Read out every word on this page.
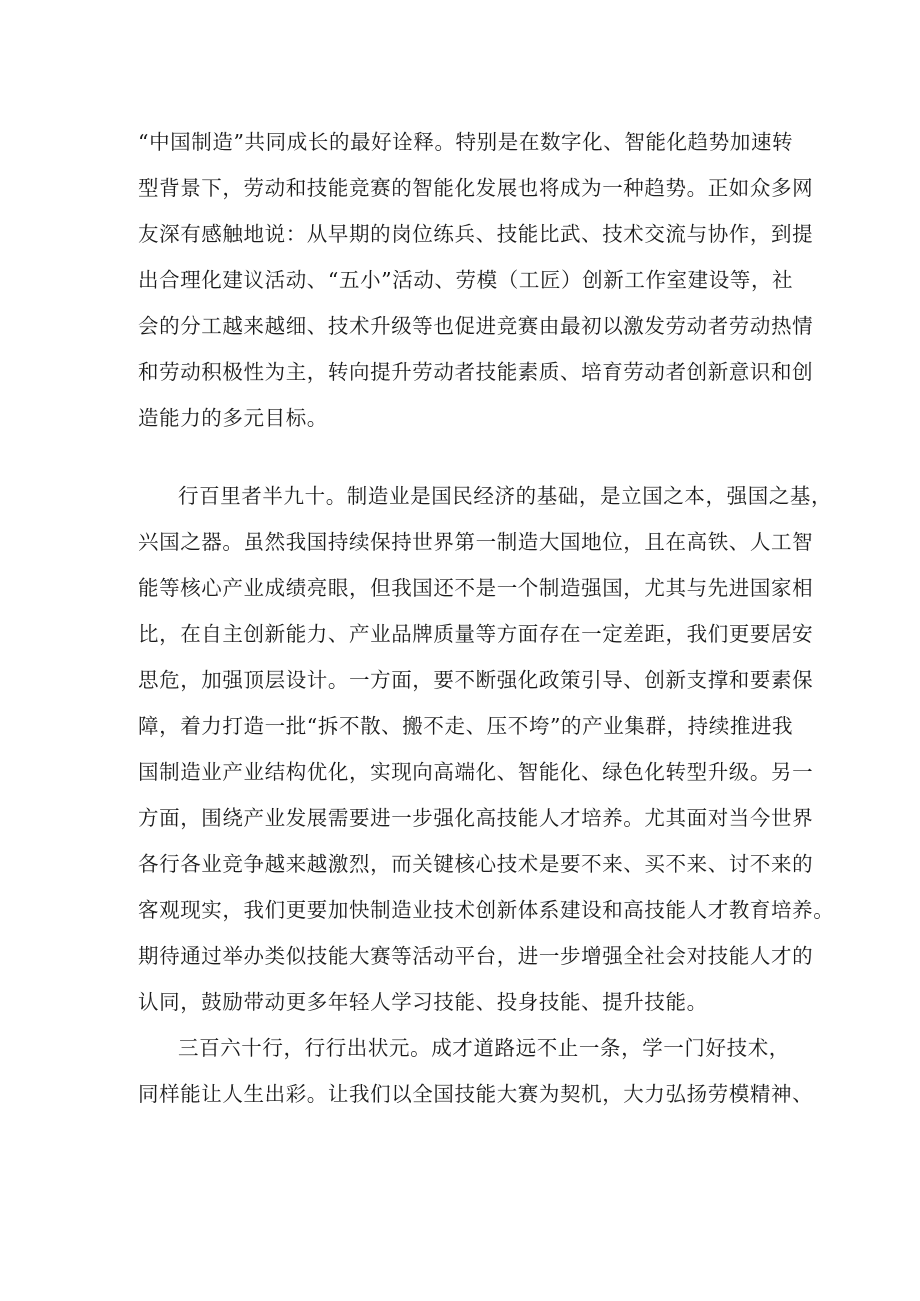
“中国制造”共同成长的最好诠释。特别是在数字化、智能化趋势加速转
型背景下，劳动和技能竞赛的智能化发展也将成为一种趋势。正如众多网
友深有感触地说：从早期的岗位练兵、技能比武、技术交流与协作，到提
出合理化建议活动、“五小”活动、劳模（工匠）创新工作室建设等，社
会的分工越来越细、技术升级等也促进竞赛由最初以激发劳动者劳动热情
和劳动积极性为主，转向提升劳动者技能素质、培育劳动者创新意识和创
造能力的多元目标。
行百里者半九十。制造业是国民经济的基础，是立国之本，强国之基，
兴国之器。虽然我国持续保持世界第一制造大国地位，且在高铁、人工智
能等核心产业成绩亮眼，但我国还不是一个制造强国，尤其与先进国家相
比，在自主创新能力、产业品牌质量等方面存在一定差距，我们更要居安
思危，加强顶层设计。一方面，要不断强化政策引导、创新支撑和要素保
障，着力打造一批“拆不散、搬不走、压不垮”的产业集群，持续推进我
国制造业产业结构优化，实现向高端化、智能化、绿色化转型升级。另一
方面，围绕产业发展需要进一步强化高技能人才培养。尤其面对当今世界
各行各业竞争越来越激烈，而关键核心技术是要不来、买不来、讨不来的
客观现实，我们更要加快制造业技术创新体系建设和高技能人才教育培养。
期待通过举办类似技能大赛等活动平台，进一步增强全社会对技能人才的
认同，鼓励带动更多年轻人学习技能、投身技能、提升技能。
三百六十行，行行出状元。成才道路远不止一条，学一门好技术，
同样能让人生出彩。让我们以全国技能大赛为契机，大力弘扬劳模精神、
